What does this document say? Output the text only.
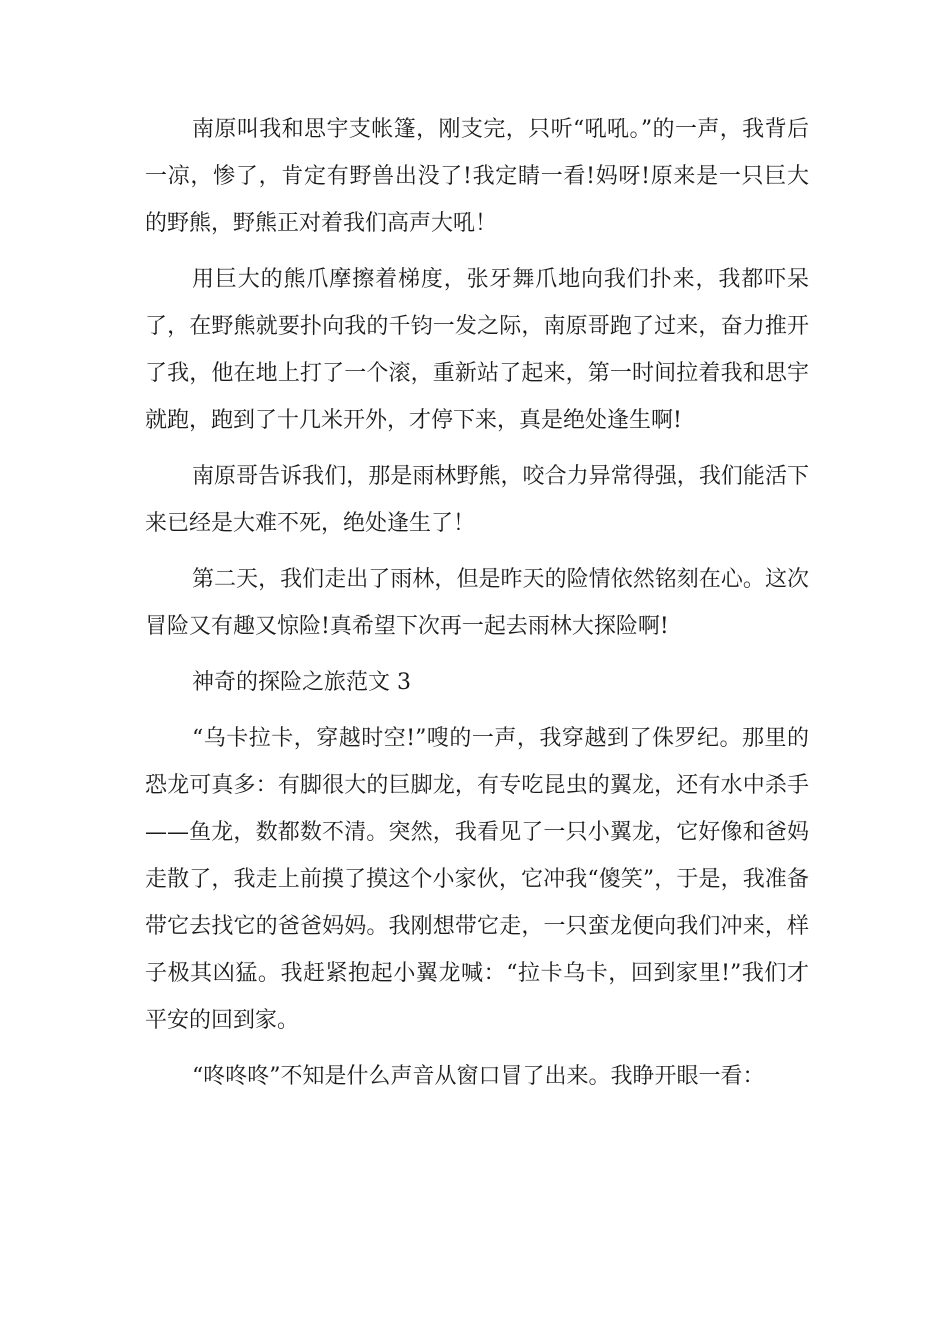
南原叫我和思宇支帐篷，刚支完，只听“吼吼。”的一声，我背后一凉，惨了，肯定有野兽出没了!我定睛一看!妈呀!原来是一只巨大的野熊，野熊正对着我们高声大吼！

用巨大的熊爪摩擦着梯度，张牙舞爪地向我们扑来，我都吓呆了，在野熊就要扑向我的千钧一发之际，南原哥跑了过来，奋力推开了我，他在地上打了一个滚，重新站了起来，第一时间拉着我和思宇就跑，跑到了十几米开外，才停下来，真是绝处逢生啊!

南原哥告诉我们，那是雨林野熊，咬合力异常得强，我们能活下来已经是大难不死，绝处逢生了！

第二天，我们走出了雨林，但是昨天的险情依然铭刻在心。这次冒险又有趣又惊险!真希望下次再一起去雨林大探险啊!

神奇的探险之旅范文 3

“乌卡拉卡，穿越时空!”嗖的一声，我穿越到了侏罗纪。那里的恐龙可真多：有脚很大的巨脚龙，有专吃昆虫的翼龙，还有水中杀手——鱼龙，数都数不清。突然，我看见了一只小翼龙，它好像和爸妈走散了，我走上前摸了摸这个小家伙，它冲我“傻笑”，于是，我准备带它去找它的爸爸妈妈。我刚想带它走，一只蛮龙便向我们冲来，样子极其凶猛。我赶紧抱起小翼龙喊：“拉卡乌卡，回到家里!”我们才平安的回到家。

“咚咚咚”不知是什么声音从窗口冒了出来。我睁开眼一看：
